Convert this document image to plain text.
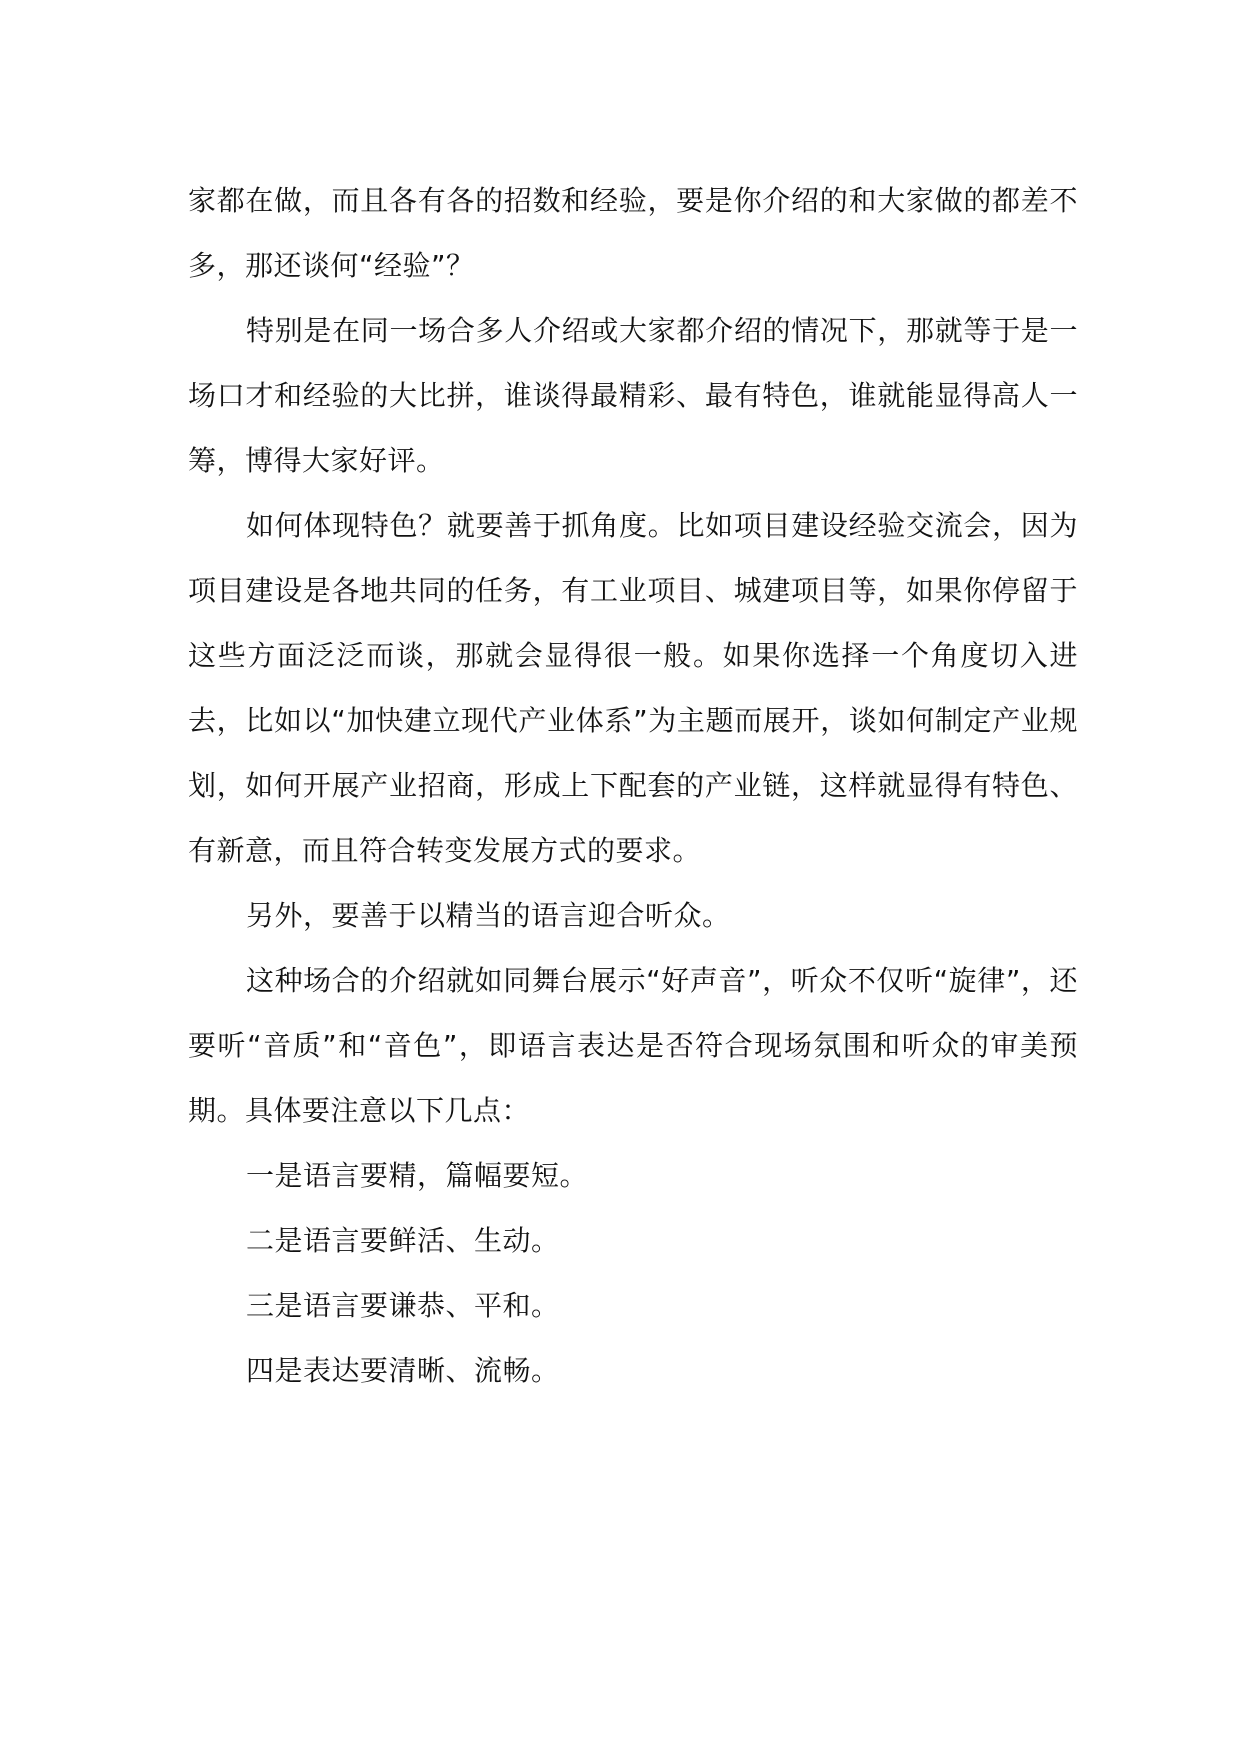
家都在做，而且各有各的招数和经验，要是你介绍的和大家做的都差不多，那还谈何“经验”？

特别是在同一场合多人介绍或大家都介绍的情况下，那就等于是一场口才和经验的大比拼，谁谈得最精彩、最有特色，谁就能显得高人一筹，博得大家好评。

如何体现特色？就要善于抓角度。比如项目建设经验交流会，因为项目建设是各地共同的任务，有工业项目、城建项目等，如果你停留于这些方面泛泛而谈，那就会显得很一般。如果你选择一个角度切入进去，比如以“加快建立现代产业体系”为主题而展开，谈如何制定产业规划，如何开展产业招商，形成上下配套的产业链，这样就显得有特色、有新意，而且符合转变发展方式的要求。

另外，要善于以精当的语言迎合听众。

这种场合的介绍就如同舞台展示“好声音”，听众不仅听“旋律”，还要听“音质”和“音色”，即语言表达是否符合现场氛围和听众的审美预期。具体要注意以下几点：

一是语言要精，篇幅要短。

二是语言要鲜活、生动。

三是语言要谦恭、平和。

四是表达要清晰、流畅。
